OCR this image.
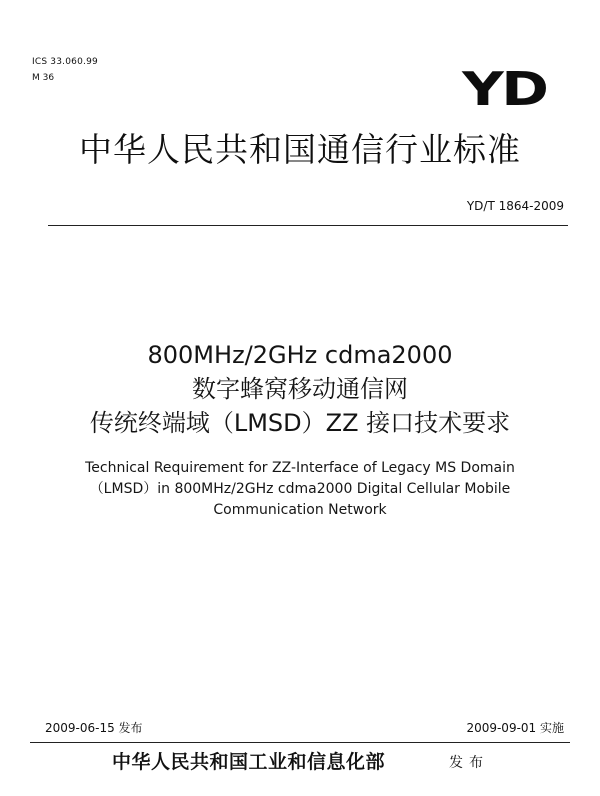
ICS 33.060.99
M 36	YD
中华人民共和国通信行业标准
YD/T 1864-2009
800MHz/2GHz cdma2000
数字蜂窝移动通信网
传统终端域（LMSD）ZZ 接口技术要求
Technical Requirement for ZZ-Interface of Legacy MS Domain
（LMSD）in 800MHz/2GHz cdma2000 Digital Cellular Mobile
Communication Network
2009-06-15 发布	2009-09-01 实施
中华人民共和国工业和信息化部	发布
